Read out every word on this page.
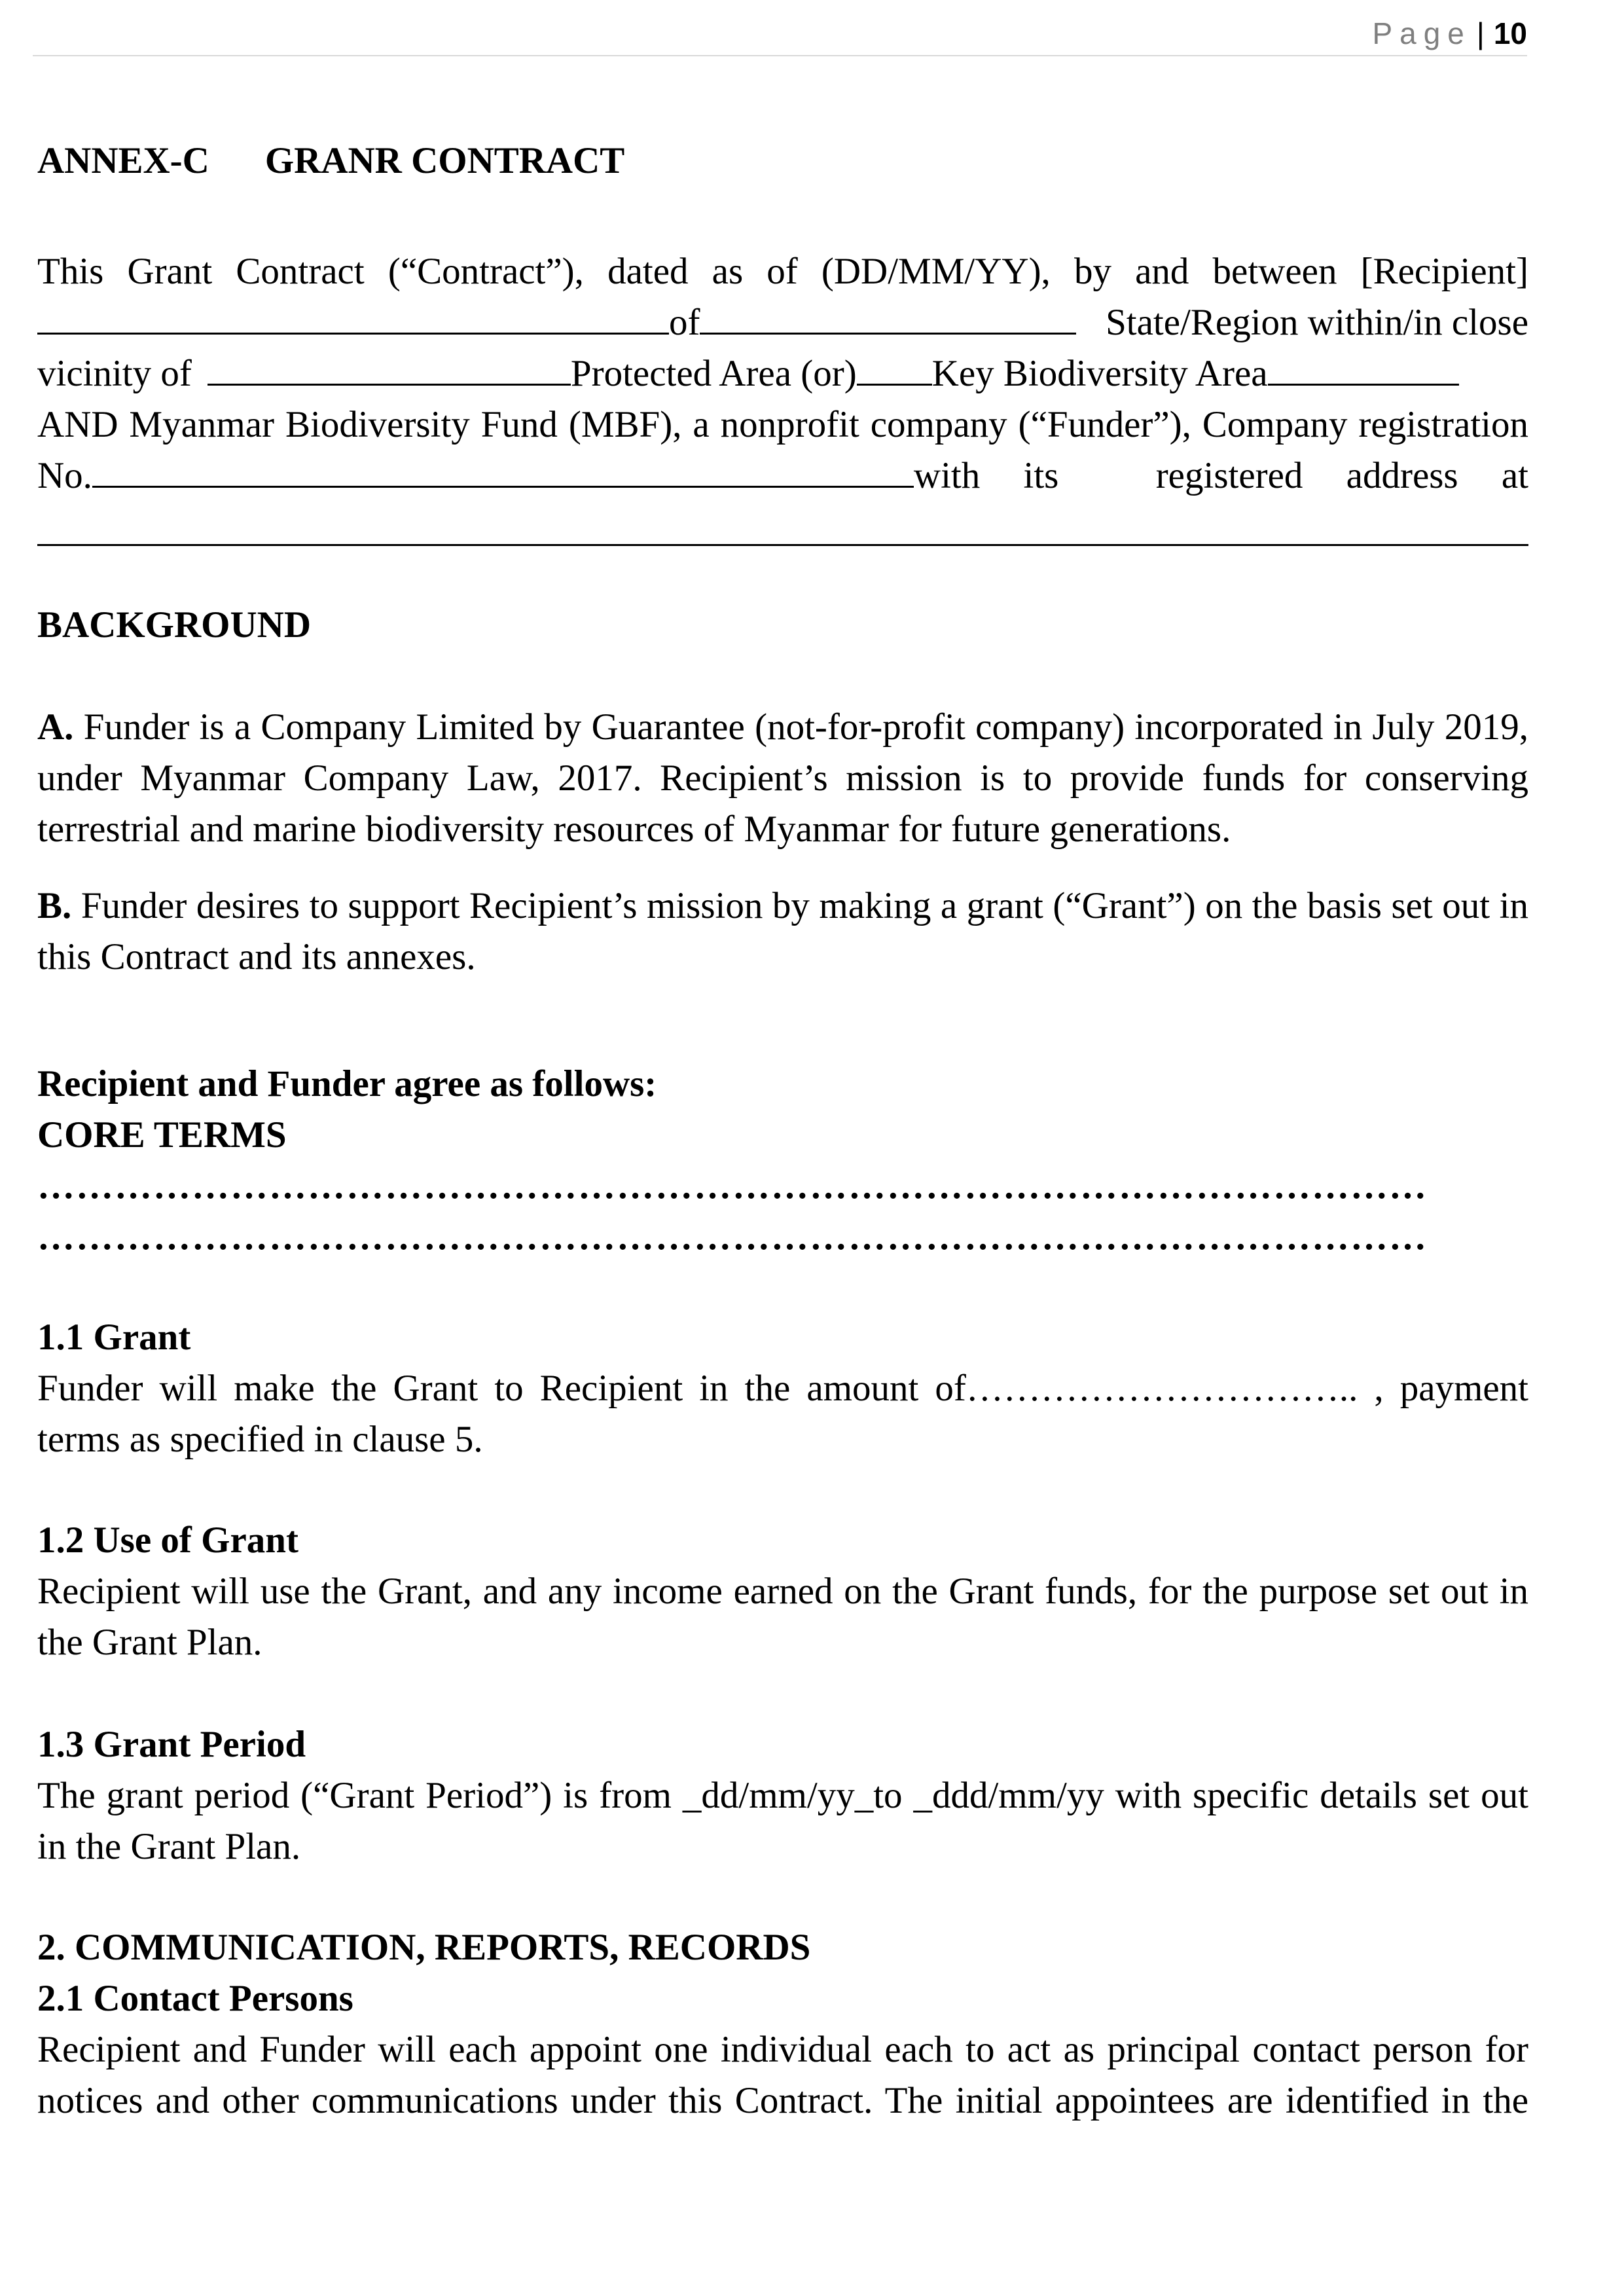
Page | 10
ANNEX-C GRANR CONTRACT
This Grant Contract (“Contract”), dated as of (DD/MM/YY), by and between [Recipient]
of	State/Region within/in close
vicinity of	Protected Area (or) Key Biodiversity Area
AND Myanmar Biodiversity Fund (MBF), a nonprofit company (“Funder”), Company registration
No.	with its	registered address at
BACKGROUND
A. Funder is a Company Limited by Guarantee (not-for-profit company) incorporated in July 2019, under Myanmar Company Law, 2017. Recipient’s mission is to provide funds for conserving terrestrial and marine biodiversity resources of Myanmar for future generations.
B. Funder desires to support Recipient’s mission by making a grant (“Grant”) on the basis set out in this Contract and its annexes.
Recipient and Funder agree as follows:
CORE TERMS
………………………………………………………………………………………………
………………………………………………………………………………………………
1.1 Grant
Funder will make the Grant to Recipient in the amount of………………………….. , payment
terms as specified in clause 5.
1.2 Use of Grant
Recipient will use the Grant, and any income earned on the Grant funds, for the purpose set out in the Grant Plan.
1.3 Grant Period
The grant period (“Grant Period”) is from _dd/mm/yy_to _ddd/mm/yy with specific details set out in the Grant Plan.
2. COMMUNICATION, REPORTS, RECORDS
2.1 Contact Persons
Recipient and Funder will each appoint one individual each to act as principal contact person for notices and other communications under this Contract. The initial appointees are identified in the
